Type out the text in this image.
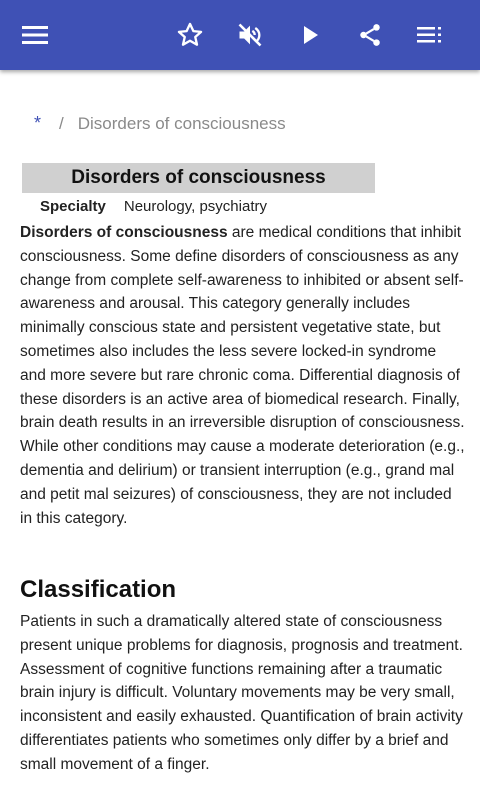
* / Disorders of consciousness
Disorders of consciousness
Specialty Neurology, psychiatry

Disorders of consciousness are medical conditions that inhibit consciousness. Some define disorders of consciousness as any change from complete self-awareness to inhibited or absent self-awareness and arousal. This category generally includes minimally conscious state and persistent vegetative state, but sometimes also includes the less severe locked-in syndrome and more severe but rare chronic coma. Differential diagnosis of these disorders is an active area of biomedical research. Finally, brain death results in an irreversible disruption of consciousness. While other conditions may cause a moderate deterioration (e.g., dementia and delirium) or transient interruption (e.g., grand mal and petit mal seizures) of consciousness, they are not included in this category.

Classification

Patients in such a dramatically altered state of consciousness present unique problems for diagnosis, prognosis and treatment. Assessment of cognitive functions remaining after a traumatic brain injury is difficult. Voluntary movements may be very small, inconsistent and easily exhausted. Quantification of brain activity differentiates patients who sometimes only differ by a brief and small movement of a finger.
